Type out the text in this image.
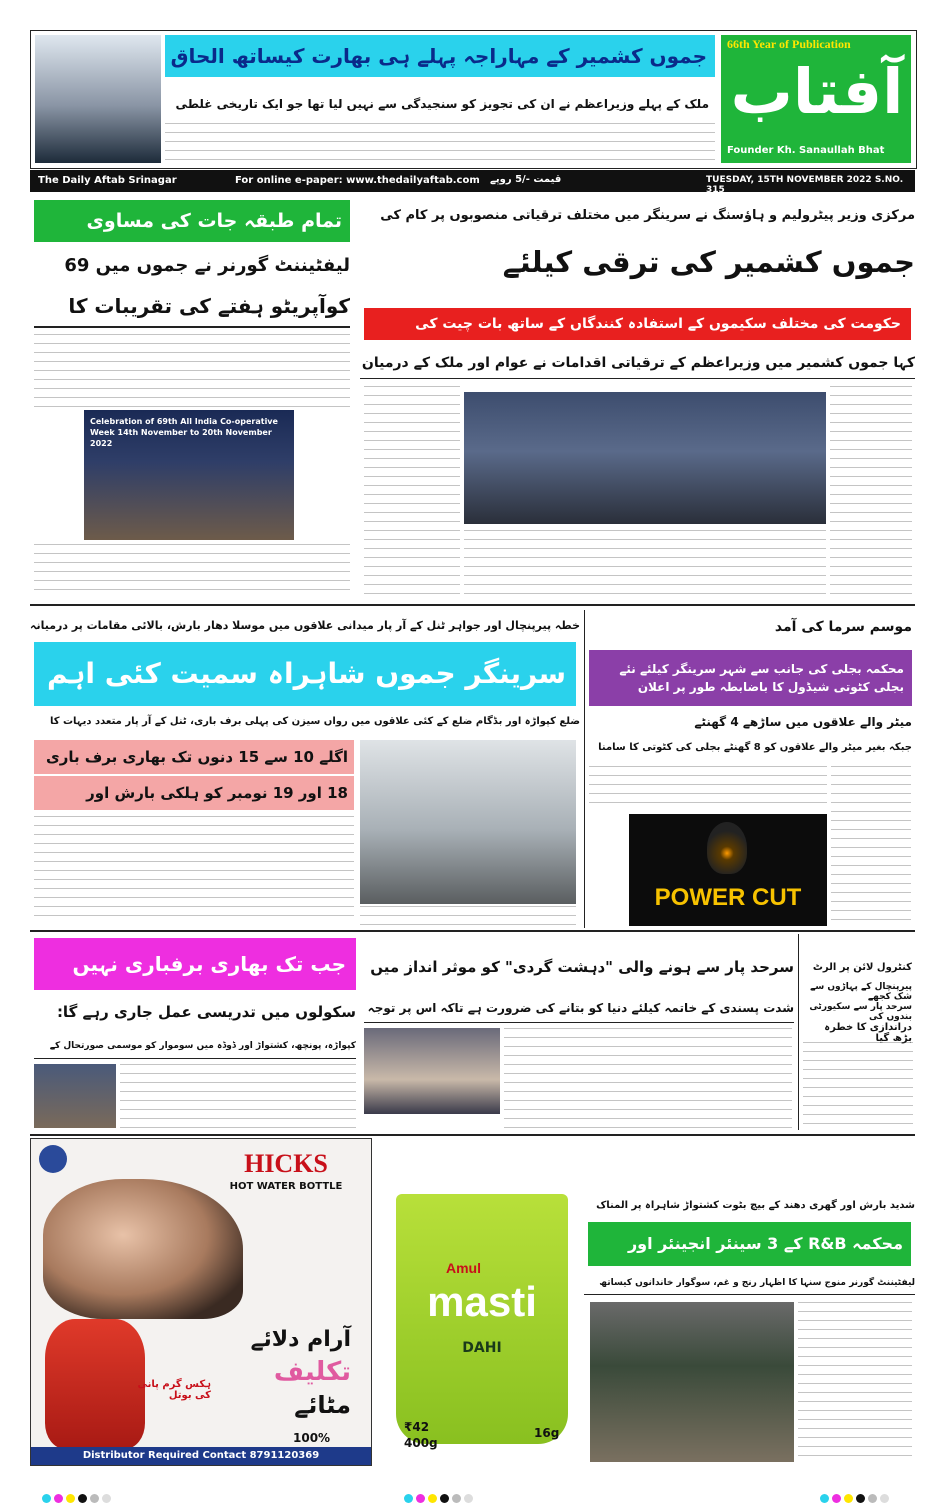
جموں کشمیر کے مہاراجہ پہلے ہی بھارت کیساتھ الحاق
ملک کے پہلے وزیراعظم نے ان کی تجویز کو سنجیدگی سے نہیں لیا تھا جو ایک تاریخی غلطی
66th Year of Publication
آفتاب
Founder Kh. Sanaullah Bhat
The Daily Aftab Srinagar	For online e-paper: www.thedailyaftab.com قیمت -/5 روپے	TUESDAY, 15TH NOVEMBER 2022 S.NO. 315
تمام طبقہ جات کی مساوی
لیفٹیننٹ گورنر نے جموں میں 69
کوآپریٹو ہفتے کی تقریبات کا
Celebration of 69th All India Co-operative Week 14th November to 20th November 2022
مرکزی وزیر پیٹرولیم و ہاؤسنگ نے سرینگر میں مختلف ترقیاتی منصوبوں پر کام کی
جموں کشمیر کی ترقی کیلئے
حکومت کی مختلف سکیموں کے استفادہ کنندگاں کے ساتھ بات چیت کی
کہا جموں کشمیر میں وزیراعظم کے ترقیاتی اقدامات نے عوام اور ملک کے درمیان
خطہ پیرپنچال اور جواہر ٹنل کے آر پار میدانی علاقوں میں موسلا دھار بارش، بالائی مقامات پر درمیانہ
سرینگر جموں شاہراہ سمیت کئی اہم
ضلع کپواڑہ اور بڈگام ضلع کے کئی علاقوں میں رواں سیزن کی پہلی برف باری، ٹنل کے آر پار متعدد دیہات کا
اگلے 10 سے 15 دنوں تک بھاری برف باری
18 اور 19 نومبر کو ہلکی بارش اور
موسم سرما کی آمد
محکمہ بجلی کی جانب سے شہر سرینگر کیلئے نئے بجلی کٹوتی شیڈول کا باضابطہ طور پر اعلان
میٹر والے علاقوں میں ساڑھے 4 گھنٹے
جبکہ بغیر میٹر والے علاقوں کو 8 گھنٹے بجلی کی کٹوتی کا سامنا
POWER CUT
جب تک بھاری برفباری نہیں
سکولوں میں تدریسی عمل جاری رہے گا:
کپواڑہ، پونچھ، کشتواڑ اور ڈوڈہ میں سوموار کو موسمی صورتحال کے
سرحد پار سے ہونے والی "دہشت گردی" کو موثر انداز میں
شدت پسندی کے خاتمہ کیلئے دنیا کو بتانے کی ضرورت ہے تاکہ اس پر توجہ
کنٹرول لائن پر الرٹ
پیرپنچال کے پہاڑوں سے شک کجھے
سرحد پار سے سکیورٹی بندوں کی
دراندازی کا خطرہ بڑھ گیا
HICKS
HOT WATER BOTTLE
آرام دلائے
تکلیف
مٹائے
ہکس گرم پانی کی بوتل
100%
Distributor Required Contact 8791120369
Amul
masti
DAHI
₹42
400g
16g
شدید بارش اور گھری دھند کے بیچ بٹوت کشتواڑ شاہراہ پر المناک
محکمہ R&B کے 3 سینئر انجینئر اور
لیفٹیننٹ گورنر منوج سنہا کا اظہار رنج و غم، سوگوار خاندانوں کیساتھ
